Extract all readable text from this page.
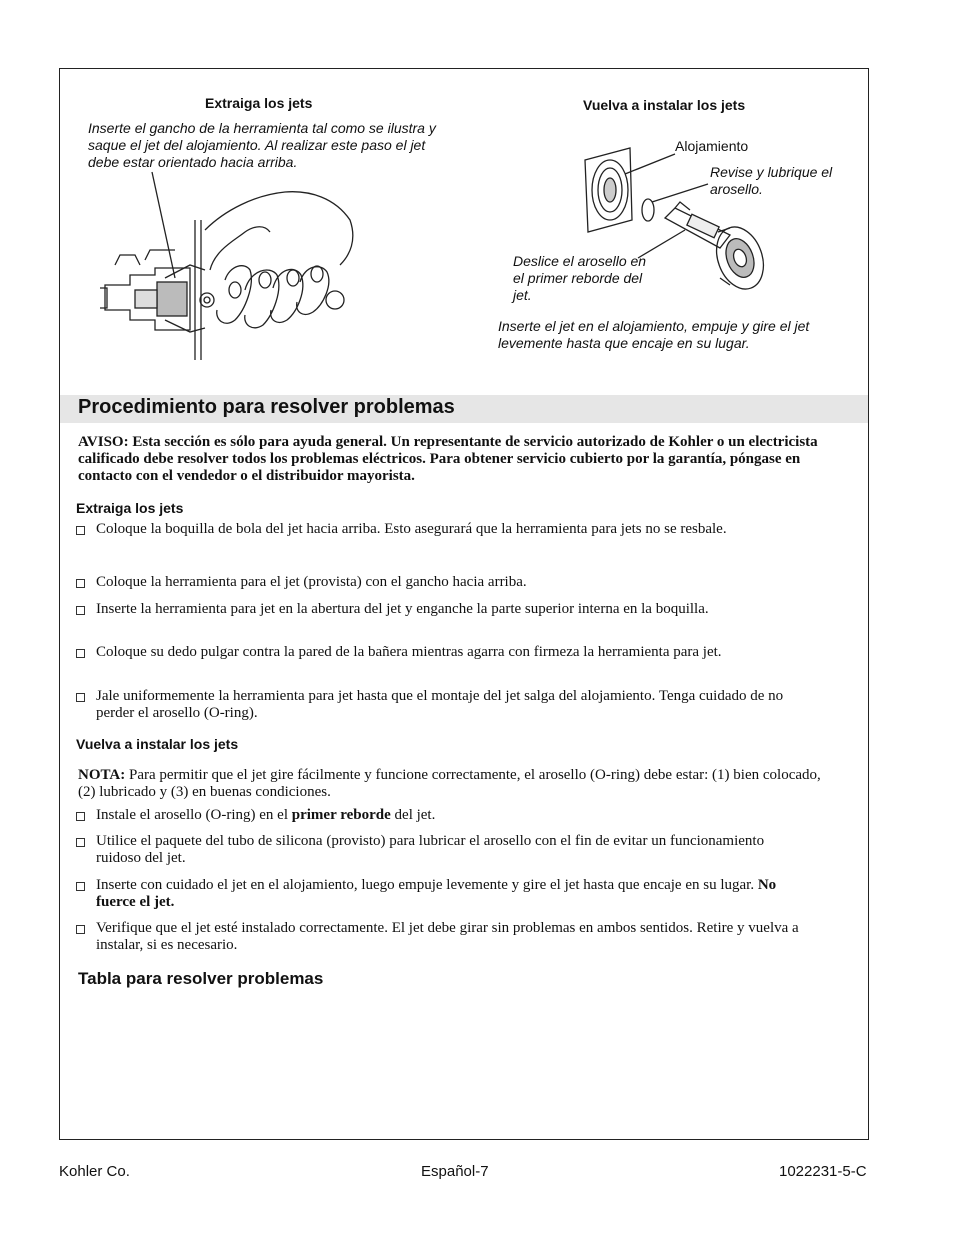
Extraiga los jets
Inserte el gancho de la herramienta tal como se ilustra y saque el jet del alojamiento. Al realizar este paso el jet debe estar orientado hacia arriba.
Vuelva a instalar los jets
Alojamiento
Revise y lubrique el arosello.
Deslice el arosello en el primer reborde del jet.
Inserte el jet en el alojamiento, empuje y gire el jet levemente hasta que encaje en su lugar.
Procedimiento para resolver problemas
AVISO: Esta sección es sólo para ayuda general. Un representante de servicio autorizado de Kohler o un electricista calificado debe resolver todos los problemas eléctricos. Para obtener servicio cubierto por la garantía, póngase en contacto con el vendedor o el distribuidor mayorista.
Extraiga los jets
Coloque la boquilla de bola del jet hacia arriba. Esto asegurará que la herramienta para jets no se resbale.
Coloque la herramienta para el jet (provista) con el gancho hacia arriba.
Inserte la herramienta para jet en la abertura del jet y enganche la parte superior interna en la boquilla.
Coloque su dedo pulgar contra la pared de la bañera mientras agarra con firmeza la herramienta para jet.
Jale uniformemente la herramienta para jet hasta que el montaje del jet salga del alojamiento. Tenga cuidado de no perder el arosello (O-ring).
Vuelva a instalar los jets
NOTA: Para permitir que el jet gire fácilmente y funcione correctamente, el arosello (O-ring) debe estar: (1) bien colocado, (2) lubricado y (3) en buenas condiciones.
Instale el arosello (O-ring) en el primer reborde del jet.
Utilice el paquete del tubo de silicona (provisto) para lubricar el arosello con el fin de evitar un funcionamiento ruidoso del jet.
Inserte con cuidado el jet en el alojamiento, luego empuje levemente y gire el jet hasta que encaje en su lugar. No fuerce el jet.
Verifique que el jet esté instalado correctamente. El jet debe girar sin problemas en ambos sentidos. Retire y vuelva a instalar, si es necesario.
Tabla para resolver problemas
Kohler Co.	Español-7	1022231-5-C
